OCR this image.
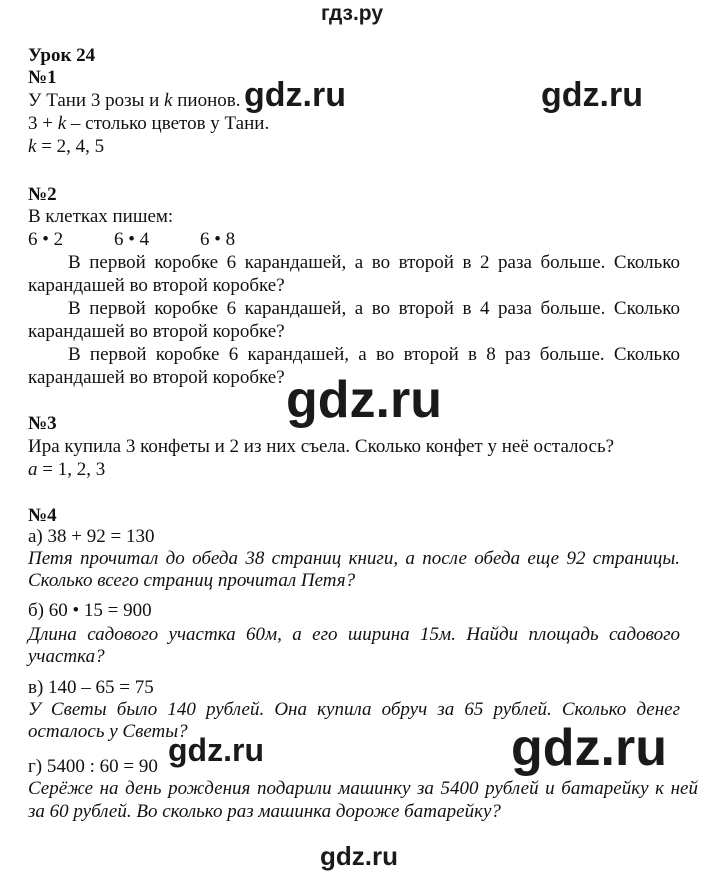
гдз.ру
Урок 24
№1
У Тани 3 розы и k пионов.
3 + k – столько цветов у Тани.
k = 2, 4, 5
gdz.ru	gdz.ru
№2
В клетках пишем:
6 • 2	6 • 4	6 • 8
В первой коробке 6 карандашей, а во второй в 2 раза больше. Сколько
карандашей во второй коробке?
В первой коробке 6 карандашей, а во второй в 4 раза больше. Сколько
карандашей во второй коробке?
В первой коробке 6 карандашей, а во второй в 8 раз больше. Сколько
карандашей во второй коробке? gdz.ru
№3
Ира купила 3 конфеты и 2 из них съела. Сколько конфет у неё осталось?
a = 1, 2, 3
№4
а) 38 + 92 = 130
Петя прочитал до обеда 38 страниц книги, а после обеда еще 92 страницы.
Сколько всего страниц прочитал Петя?
б) 60 • 15 = 900
Длина садового участка 60м, а его ширина 15м. Найди площадь садового
участка?
в) 140 – 65 = 75
У Светы было 140 рублей. Она купила обруч за 65 рублей. Сколько денег
осталось у Светы?
г) 5400 : 60 = 90
Серёже на день рождения подарили машинку за 5400 рублей и батарейку к ней
за 60 рублей. Во сколько раз машинка дороже батарейку?
gdz.ru	gdz.ru
gdz.ru
